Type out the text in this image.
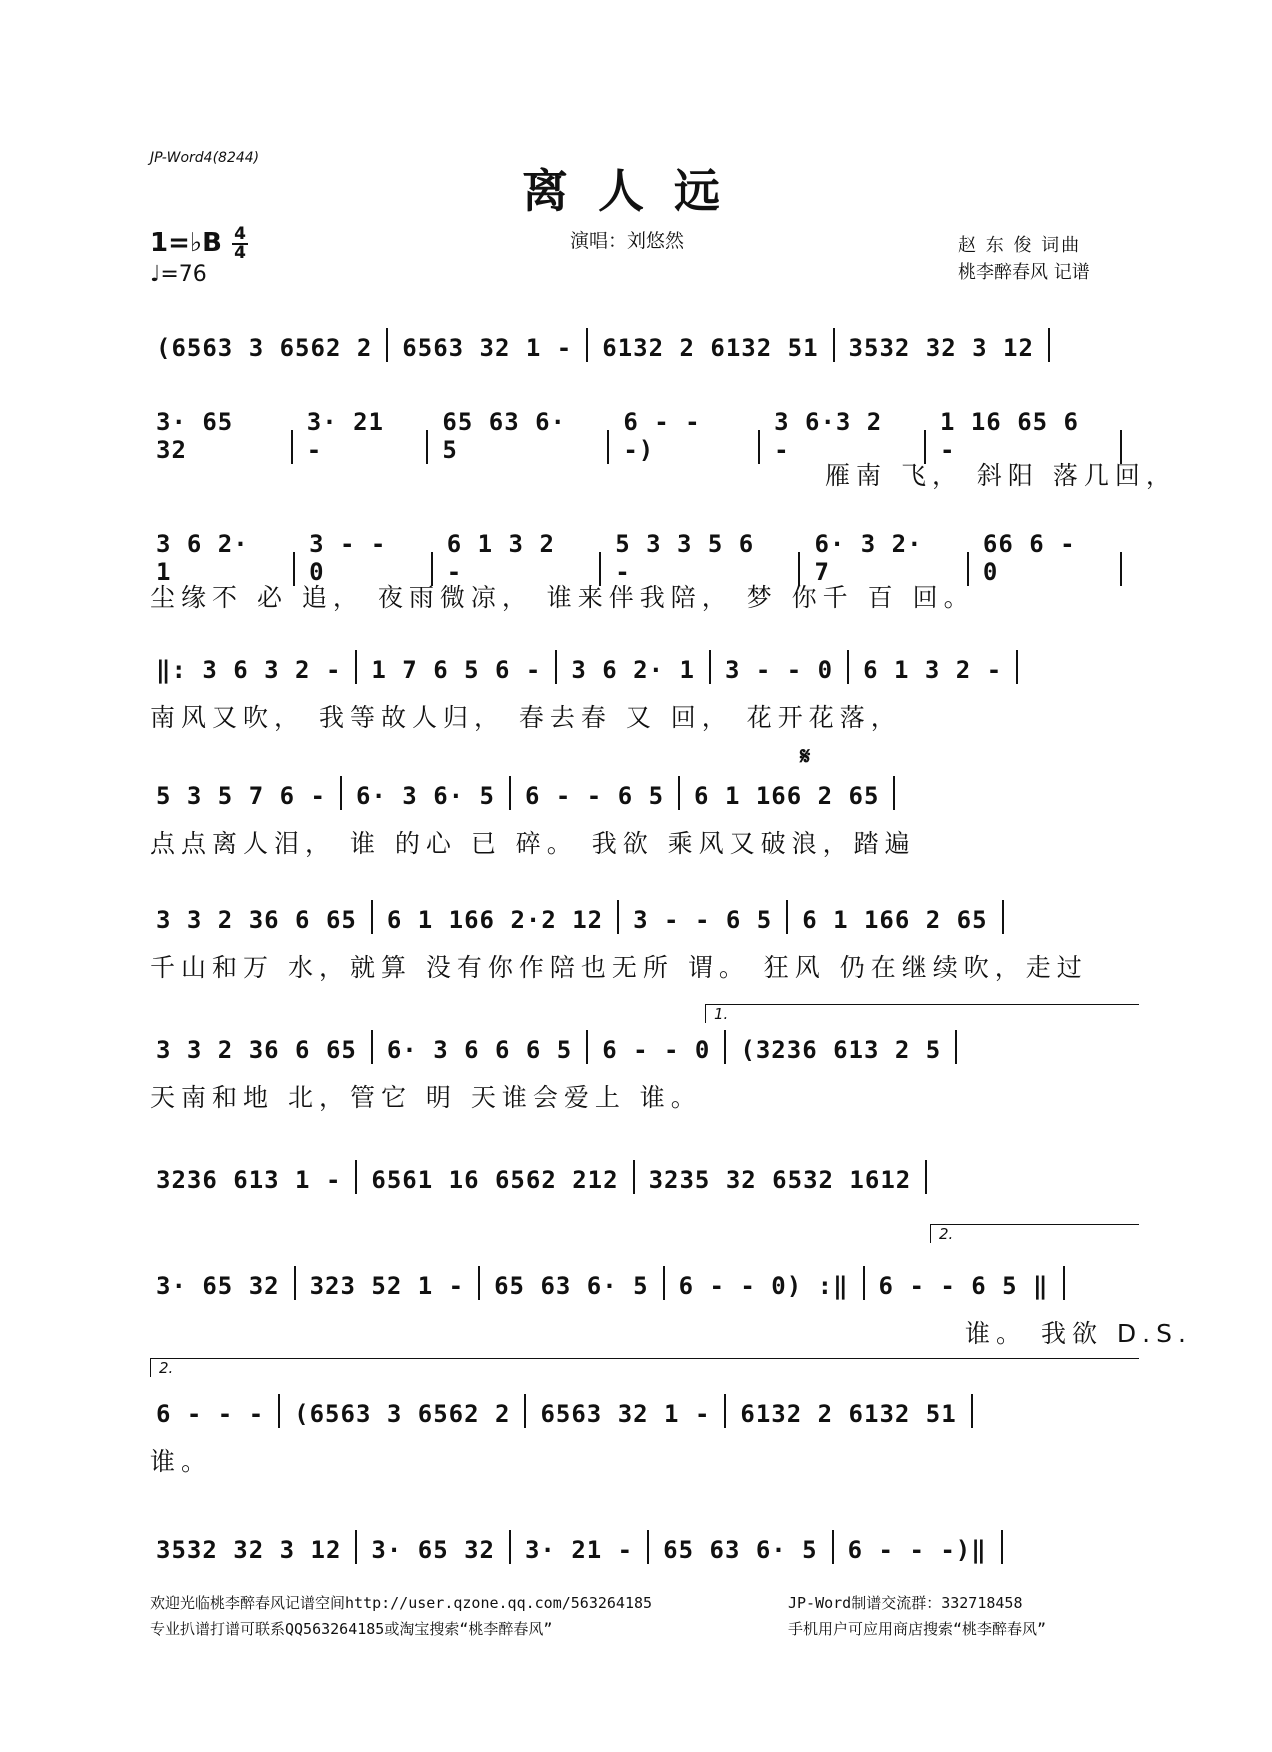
JP-Word4(8244)
离人远
1=♭B 4
4
♩=76
演唱：刘悠然	赵 东 俊 词曲
桃李醉春风 记谱
(6563 3 6562 2 6563 32 1 - 6132 2 6132 51 3532 32 3 12
3· 65 32
3· 21 -
65 63 6· 5
6 - - -)
3 6·3 2 -
1 16 65 6 -
雁南 飞， 斜阳 落几回，
3 6 2· 1
3 - - 0
6 1 3 2 -
5 3 3 5 6 -
6· 3 2· 7
66 6 - 0
尘缘不 必 追， 夜雨微凉， 谁来伴我陪， 梦 你千 百 回。
‖: 3 6 3 2 - 1 7 6 5 6 - 3 6 2· 1 3 - - 0 6 1 3 2 -
南风又吹， 我等故人归， 春去春 又 回， 花开花落，
5 3 5 7 6 - 6· 3 6· 5 6 - - 6 5 6 1 166 2 65
点点离人泪， 谁 的心 已 碎。 我欲 乘风又破浪，踏遍
3 3 2 36 6 65 6 1 166 2·2 12 3 - - 6 5 6 1 166 2 65
千山和万 水，就算 没有你作陪也无所 谓。 狂风 仍在继续吹，走过
3 3 2 36 6 65 6· 3 6 6 6 5 6 - - 0 (3236 613 2 5
天南和地 北，管它 明 天谁会爱上 谁。
3236 613 1 - 6561 16 6562 212 3235 32 6532 1612
3· 65 32 323 52 1 - 65 63 6· 5 6 - - 0) :‖ 6 - - 6 5 ‖
谁。 我欲 D.S.
6 - - - (6563 3 6562 2 6563 32 1 - 6132 2 6132 51
谁。
3532 32 3 12 3· 65 32 3· 21 - 65 63 6· 5 6 - - -)‖
1.
2.
2.
𝄋
欢迎光临桃李醉春风记谱空间http://user.qzone.qq.com/563264185	JP-Word制谱交流群：332718458
专业扒谱打谱可联系QQ563264185或淘宝搜索“桃李醉春风”	手机用户可应用商店搜索“桃李醉春风”
